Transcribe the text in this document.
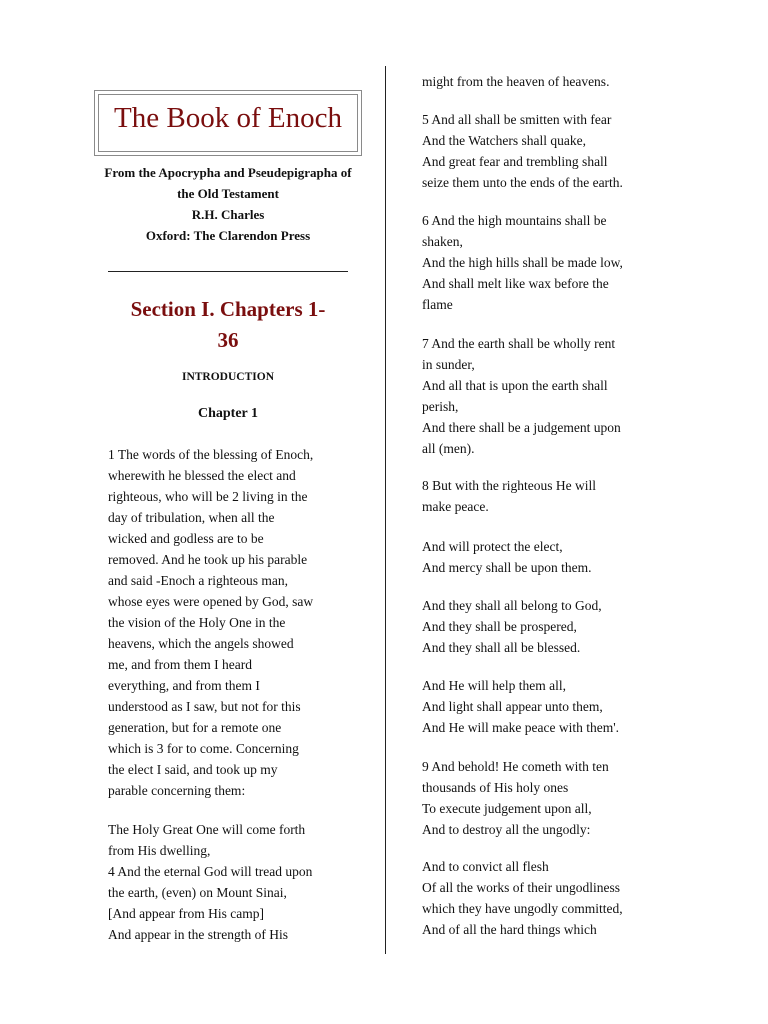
The Book of Enoch
From the Apocrypha and Pseudepigrapha of
the Old Testament
R.H. Charles
Oxford: The Clarendon Press
Section I. Chapters 1-
36
INTRODUCTION
Chapter 1
1 The words of the blessing of Enoch,
wherewith he blessed the elect and
righteous, who will be 2 living in the
day of tribulation, when all the
wicked and godless are to be
removed. And he took up his parable
and said -Enoch a righteous man,
whose eyes were opened by God, saw
the vision of the Holy One in the
heavens, which the angels showed
me, and from them I heard
everything, and from them I
understood as I saw, but not for this
generation, but for a remote one
which is 3 for to come. Concerning
the elect I said, and took up my
parable concerning them:
The Holy Great One will come forth
from His dwelling,
4 And the eternal God will tread upon
the earth, (even) on Mount Sinai,
[And appear from His camp]
And appear in the strength of His
might from the heaven of heavens.
5 And all shall be smitten with fear
And the Watchers shall quake,
And great fear and trembling shall
seize them unto the ends of the earth.
6 And the high mountains shall be
shaken,
And the high hills shall be made low,
And shall melt like wax before the
flame
7 And the earth shall be wholly rent
in sunder,
And all that is upon the earth shall
perish,
And there shall be a judgement upon
all (men).
8 But with the righteous He will
make peace.
And will protect the elect,
And mercy shall be upon them.
And they shall all belong to God,
And they shall be prospered,
And they shall all be blessed.
And He will help them all,
And light shall appear unto them,
And He will make peace with them'.
9 And behold! He cometh with ten
thousands of His holy ones
To execute judgement upon all,
And to destroy all the ungodly:
And to convict all flesh
Of all the works of their ungodliness
which they have ungodly committed,
And of all the hard things which
